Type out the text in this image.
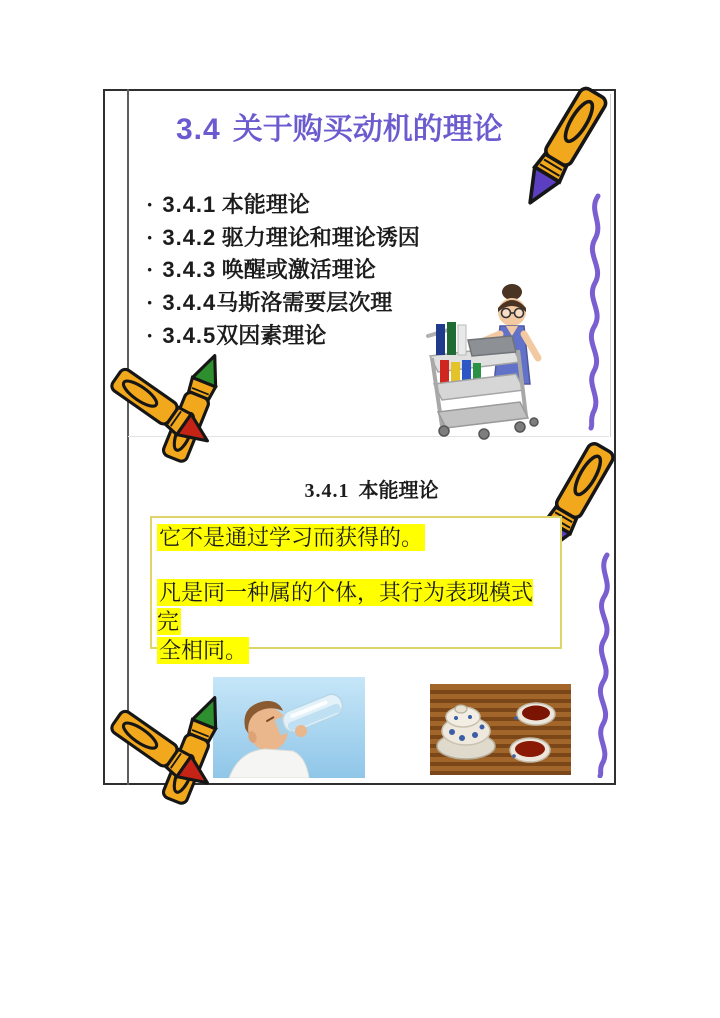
3.4 关于购买动机的理论
· 3.4.1 本能理论
· 3.4.2 驱力理论和理论诱因
· 3.4.3 唤醒或激活理论
· 3.4.4马斯洛需要层次理
· 3.4.5双因素理论
3.4.1 本能理论

它不是通过学习而获得的。

凡是同一种属的个体，其行为表现模式完
全相同。
